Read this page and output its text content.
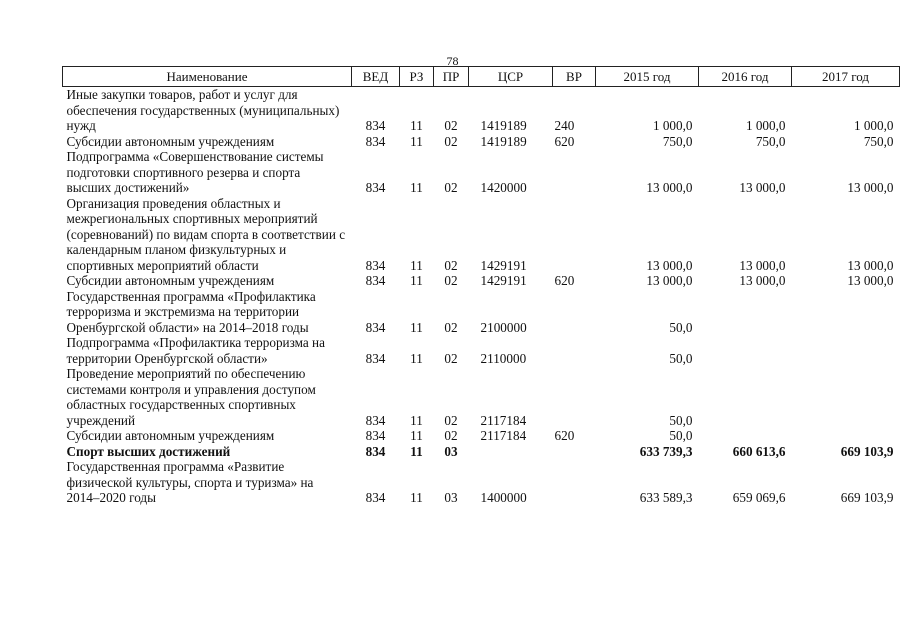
78
Наименование	ВЕД	РЗ	ПР	ЦСР	ВР	2015 год	2016 год	2017 год
Иные закупки товаров, работ и услуг для обеспечения государственных (муниципальных) нужд	834	11	02	1419189	240	1 000,0	1 000,0	1 000,0
Субсидии автономным учреждениям	834	11	02	1419189	620	750,0	750,0	750,0
Подпрограмма «Совершенствование системы подготовки спортивного резерва и спорта высших достижений»	834	11	02	1420000		13 000,0	13 000,0	13 000,0
Организация проведения областных и межрегиональных спортивных мероприятий (соревнований) по видам спорта в соответствии с календарным планом физкультурных и спортивных мероприятий области	834	11	02	1429191		13 000,0	13 000,0	13 000,0
Субсидии автономным учреждениям	834	11	02	1429191	620	13 000,0	13 000,0	13 000,0
Государственная программа «Профилактика терроризма и экстремизма на территории Оренбургской области» на 2014–2018 годы	834	11	02	2100000		50,0		
Подпрограмма «Профилактика терроризма на территории Оренбургской области»	834	11	02	2110000		50,0		
Проведение мероприятий по обеспечению системами контроля и управления доступом областных государственных спортивных учреждений	834	11	02	2117184		50,0		
Субсидии автономным учреждениям	834	11	02	2117184	620	50,0		
Спорт высших достижений	834	11	03			633 739,3	660 613,6	669 103,9
Государственная программа «Развитие физической культуры, спорта и туризма» на 2014–2020 годы	834	11	03	1400000		633 589,3	659 069,6	669 103,9
